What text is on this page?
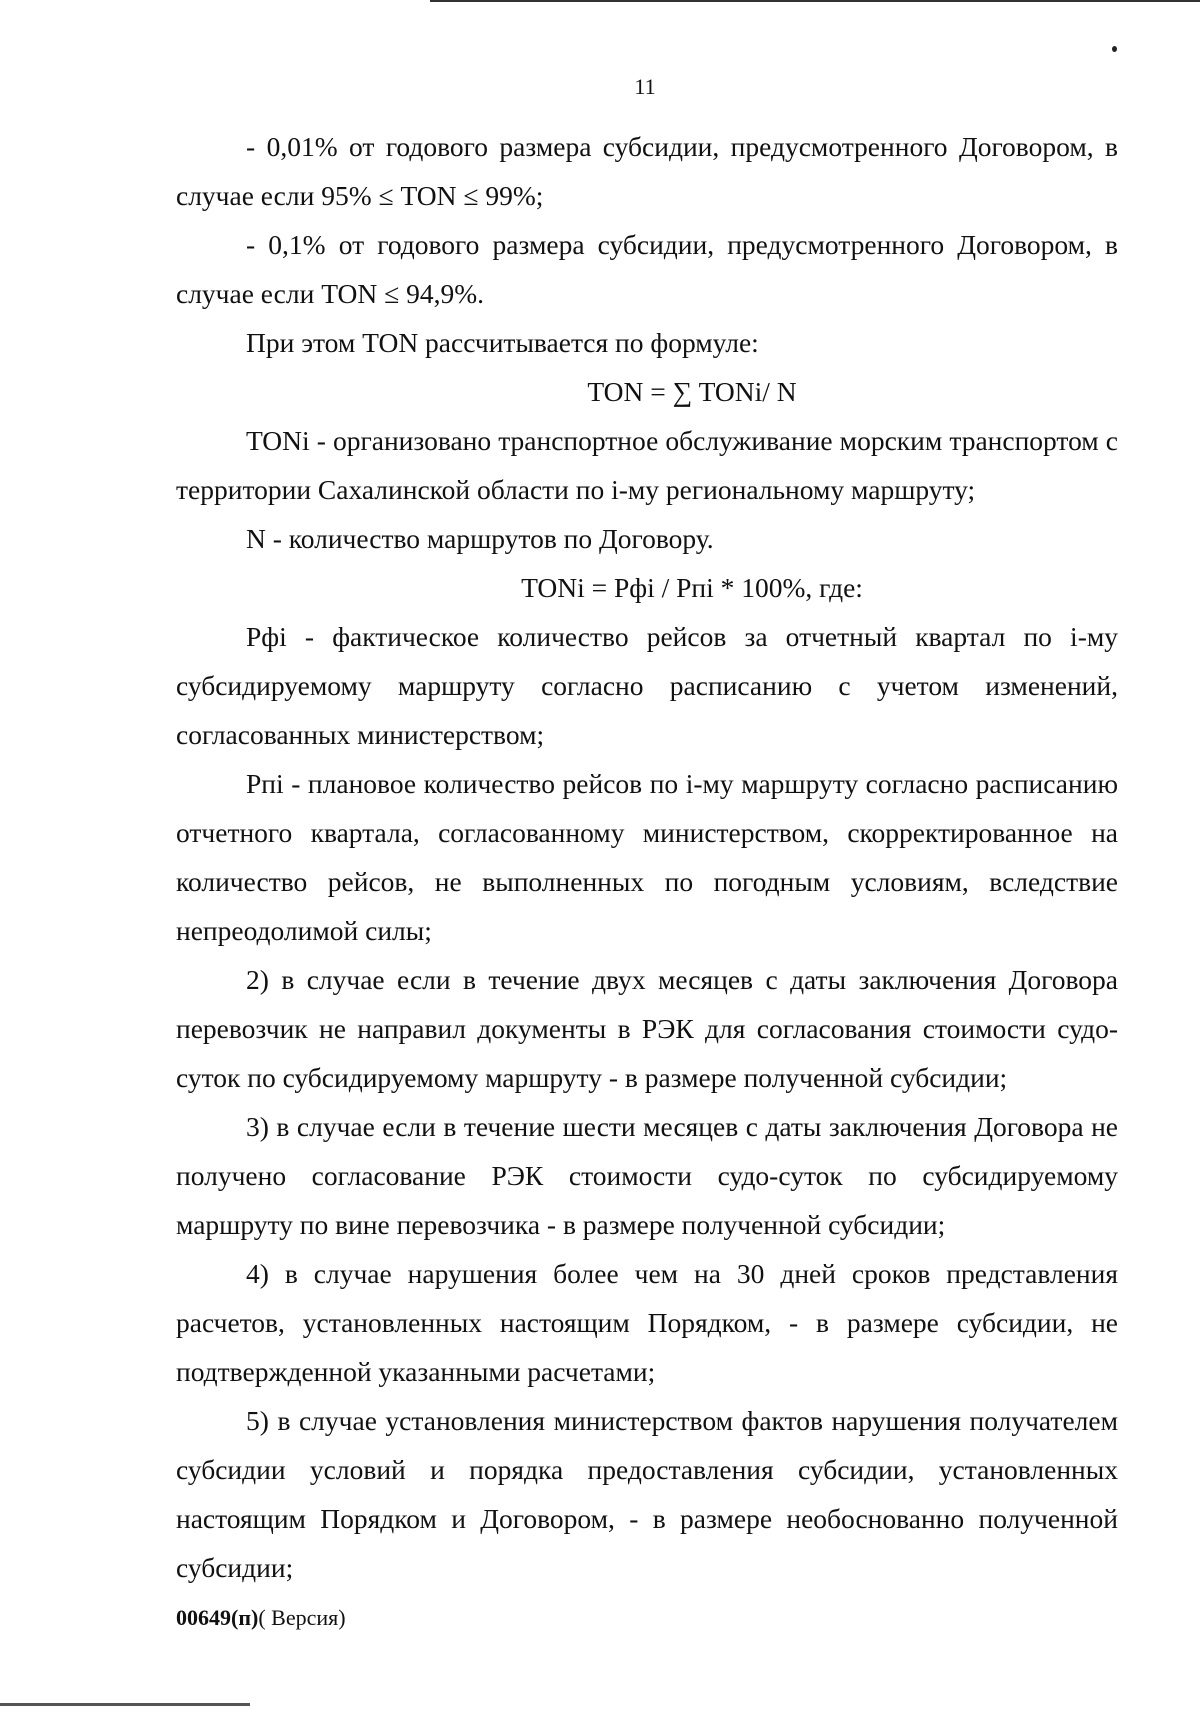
11

- 0,01% от годового размера субсидии, предусмотренного Договором, в случае если 95% ≤ TON ≤ 99%;

- 0,1% от годового размера субсидии, предусмотренного Договором, в случае если TON ≤ 94,9%.

При этом TON рассчитывается по формуле:

TON = ∑ TONi/ N

TONi - организовано транспортное обслуживание морским транспортом с территории Сахалинской области по i-му региональному маршруту;

N - количество маршрутов по Договору.

TONi = Рфi / Рпi * 100%, где:

Рфi - фактическое количество рейсов за отчетный квартал по i-му субсидируемому маршруту согласно расписанию с учетом изменений, согласованных министерством;

Рпi - плановое количество рейсов по i-му маршруту согласно расписанию отчетного квартала, согласованному министерством, скорректированное на количество рейсов, не выполненных по погодным условиям, вследствие непреодолимой силы;

2) в случае если в течение двух месяцев с даты заключения Договора перевозчик не направил документы в РЭК для согласования стоимости судо-суток по субсидируемому маршруту - в размере полученной субсидии;

3) в случае если в течение шести месяцев с даты заключения Договора не получено согласование РЭК стоимости судо-суток по субсидируемому маршруту по вине перевозчика - в размере полученной субсидии;

4) в случае нарушения более чем на 30 дней сроков представления расчетов, установленных настоящим Порядком, - в размере субсидии, не подтвержденной указанными расчетами;

5) в случае установления министерством фактов нарушения получателем субсидии условий и порядка предоставления субсидии, установленных настоящим Порядком и Договором, - в размере необоснованно полученной субсидии;

00649(п)( Версия)
